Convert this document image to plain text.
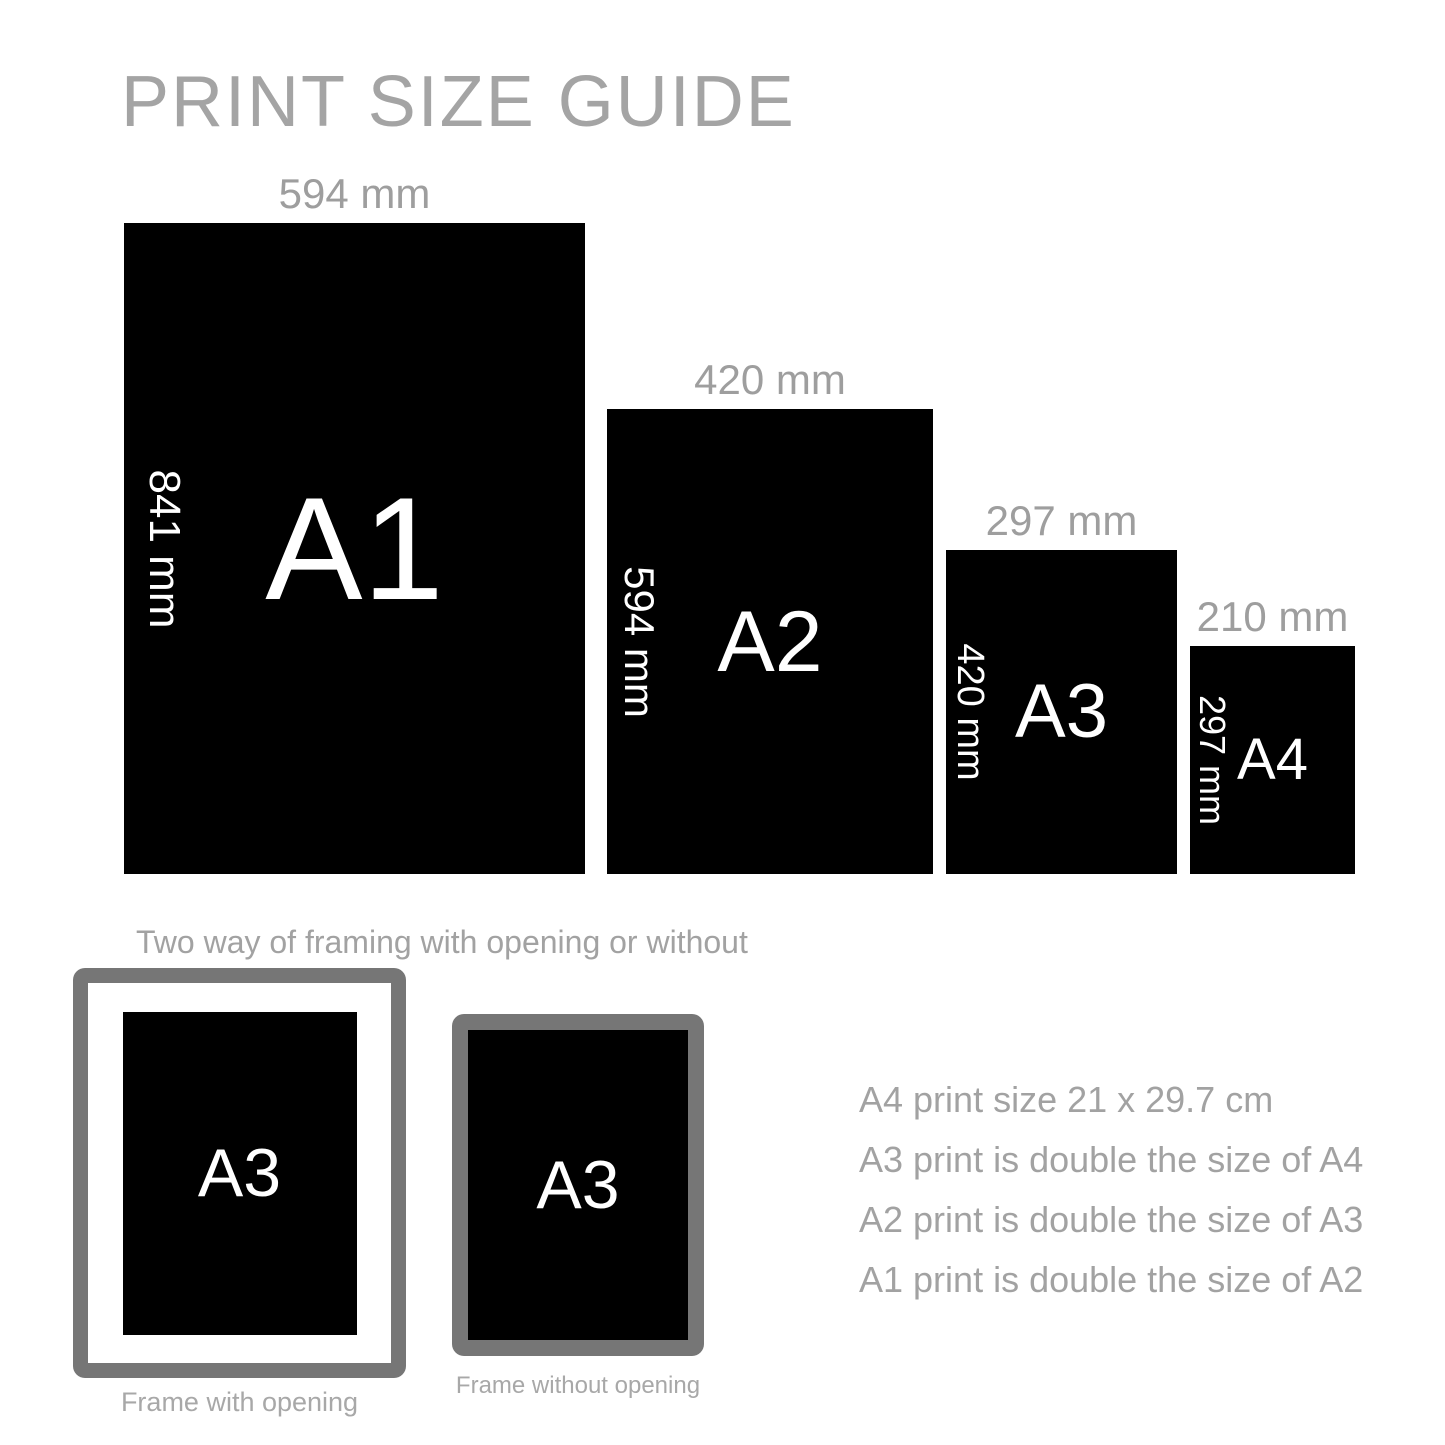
PRINT SIZE GUIDE
594 mm
420 mm
297 mm
210 mm
841 mm A1
594 mm A2
420 mm A3 297 mm A4
Two way of framing with opening or without
A3	A3
Frame with opening
Frame without opening
A4 print size 21 x 29.7 cm
A3 print is double the size of A4
A2 print is double the size of A3
A1 print is double the size of A2
